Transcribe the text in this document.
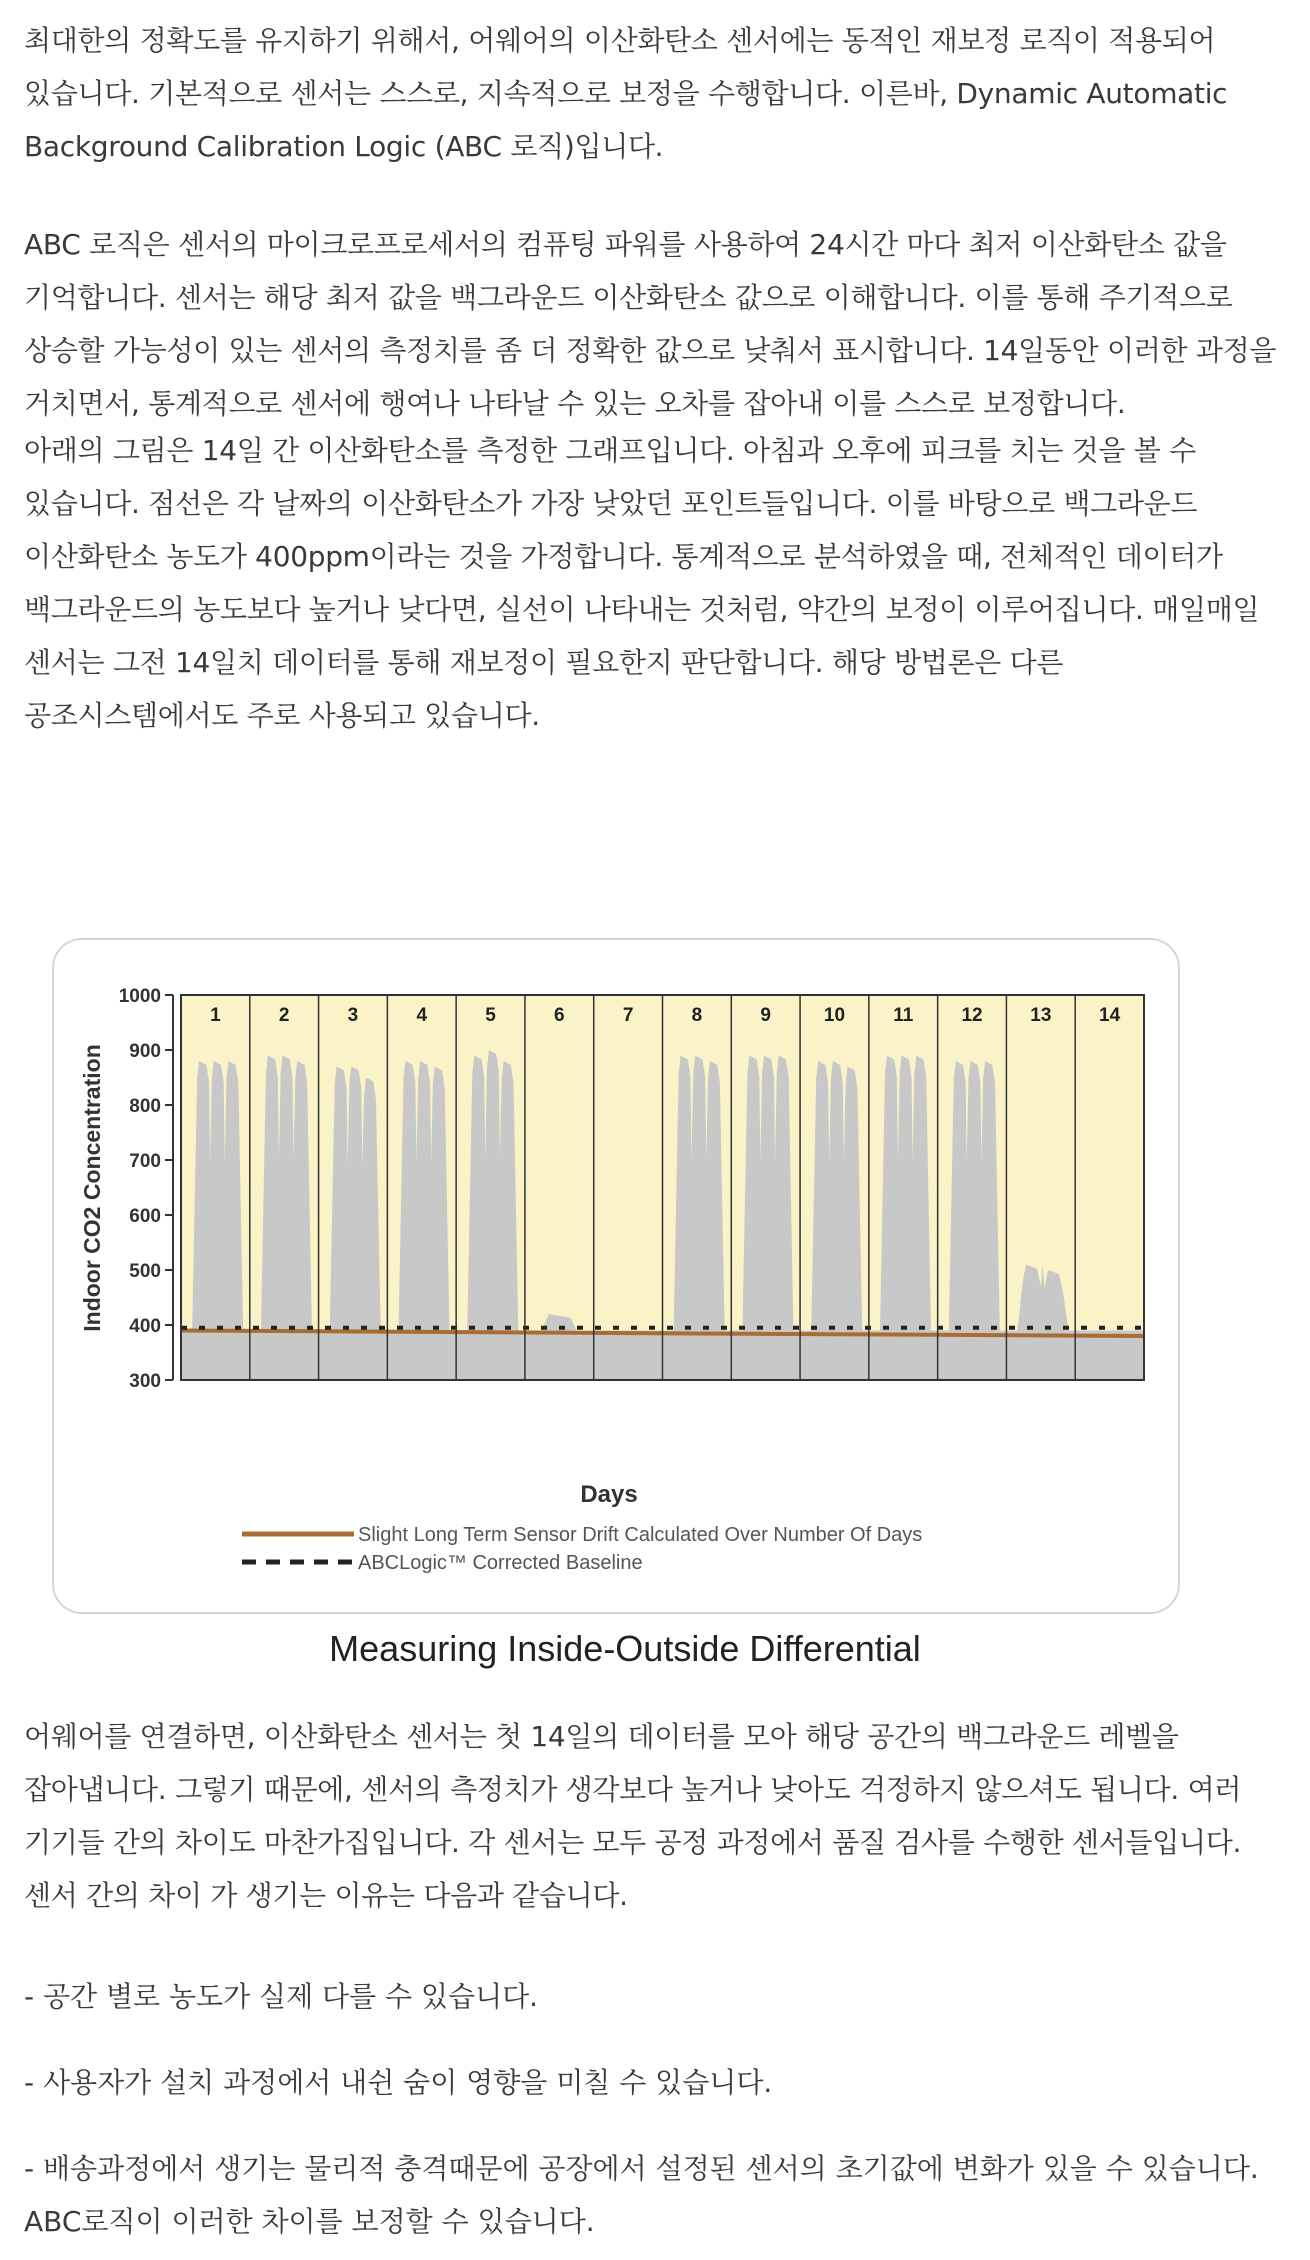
최대한의 정확도를 유지하기 위해서, 어웨어의 이산화탄소 센서에는 동적인 재보정 로직이 적용되어 있습니다. 기본적으로 센서는 스스로, 지속적으로 보정을 수행합니다. 이른바, Dynamic Automatic Background Calibration Logic (ABC 로직)입니다.

ABC 로직은 센서의 마이크로프로세서의 컴퓨팅 파워를 사용하여 24시간 마다 최저 이산화탄소 값을 기억합니다. 센서는 해당 최저 값을 백그라운드 이산화탄소 값으로 이해합니다. 이를 통해 주기적으로 상승할 가능성이 있는 센서의 측정치를 좀 더 정확한 값으로 낮춰서 표시합니다. 14일동안 이러한 과정을 거치면서, 통계적으로 센서에 행여나 나타날 수 있는 오차를 잡아내 이를 스스로 보정합니다.

아래의 그림은 14일 간 이산화탄소를 측정한 그래프입니다. 아침과 오후에 피크를 치는 것을 볼 수 있습니다. 점선은 각 날짜의 이산화탄소가 가장 낮았던 포인트들입니다. 이를 바탕으로 백그라운드 이산화탄소 농도가 400ppm이라는 것을 가정합니다. 통계적으로 분석하였을 때, 전체적인 데이터가 백그라운드의 농도보다 높거나 낮다면, 실선이 나타내는 것처럼, 약간의 보정이 이루어집니다. 매일매일 센서는 그전 14일치 데이터를 통해 재보정이 필요한지 판단합니다. 해당 방법론은 다른 공조시스템에서도 주로 사용되고 있습니다.

300
400
500
600
700
800
900
1000
1	2	3	4	5	6	7	8	9	10	11	12	13	14
Indoor CO2 Concentration
Days
Slight Long Term Sensor Drift Calculated Over Number Of Days
ABCLogic™ Corrected Baseline
Measuring Inside-Outside Differential

어웨어를 연결하면, 이산화탄소 센서는 첫 14일의 데이터를 모아 해당 공간의 백그라운드 레벨을 잡아냅니다. 그렇기 때문에, 센서의 측정치가 생각보다 높거나 낮아도 걱정하지 않으셔도 됩니다. 여러 기기들 간의 차이도 마찬가집입니다. 각 센서는 모두 공정 과정에서 품질 검사를 수행한 센서들입니다. 센서 간의 차이 가 생기는 이유는 다음과 같습니다.

- 공간 별로 농도가 실제 다를 수 있습니다.

- 사용자가 설치 과정에서 내쉰 숨이 영향을 미칠 수 있습니다.

- 배송과정에서 생기는 물리적 충격때문에 공장에서 설정된 센서의 초기값에 변화가 있을 수 있습니다. ABC로직이 이러한 차이를 보정할 수 있습니다.
